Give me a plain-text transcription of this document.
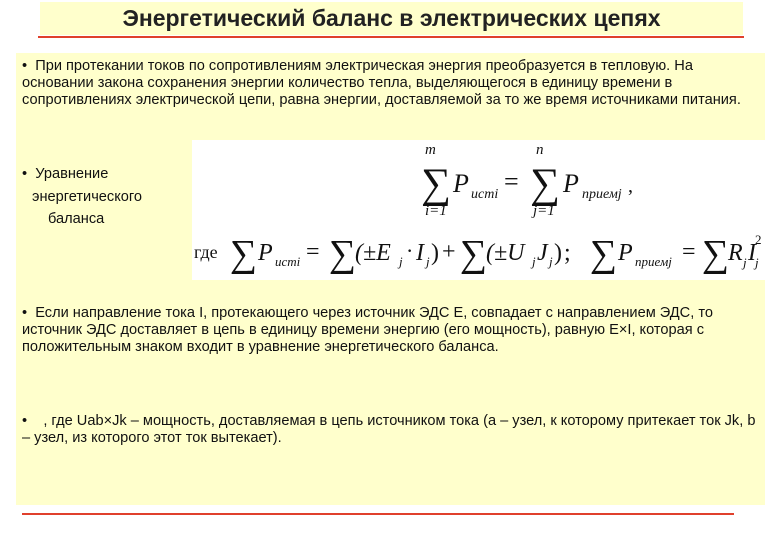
Энергетический баланс в электрических цепях
• При протекании токов по сопротивлениям электрическая энергия преобразуется в тепловую. На основании закона сохранения энергии количество тепла, выделяющегося в единицу времени в сопротивлениях электрической цепи, равна энергии, доставляемой за то же время источниками питания.
• Уравнение
энергетического
баланса
m
∑
i=1
P истi =
n
∑
j=1
P приемj ,
где ∑ P истi = ∑
(±E j · I j ) + ∑
(±U j J j ) ; ∑ P приемj = ∑
R j I
2
j
• Если направление тока I, протекающего через источник ЭДС Е, совпадает с направлением ЭДС, то источник ЭДС доставляет в цепь в единицу времени энергию (его мощность), равную Е×I, которая с положительным знаком входит в уравнение энергетического баланса.
• , где Uab×Jk – мощность, доставляемая в цепь источником тока (a – узел, к которому притекает ток Jk, b – узел, из которого этот ток вытекает).
